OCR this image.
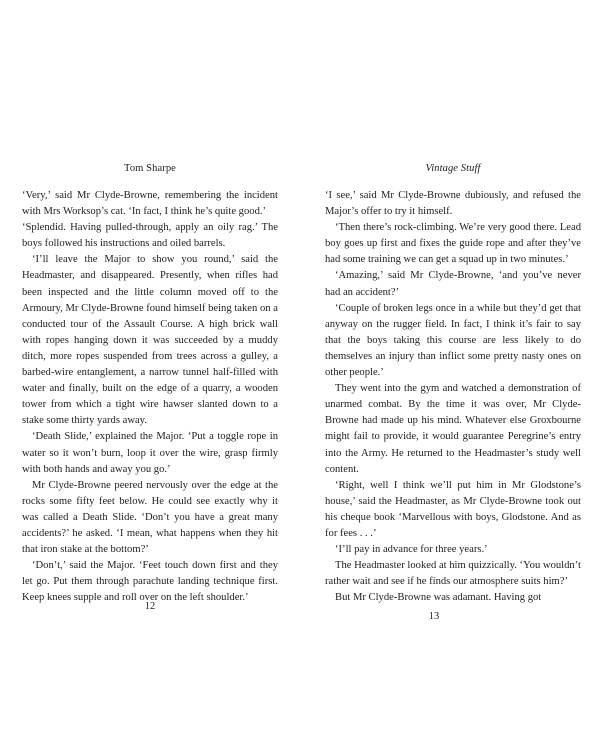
Tom Sharpe

‘Very,’ said Mr Clyde-Browne, remembering the incident with Mrs Worksop’s cat. ‘In fact, I think he’s quite good.’

‘Splendid. Having pulled-through, apply an oily rag.’ The boys followed his instructions and oiled barrels.

‘I’ll leave the Major to show you round,’ said the Headmaster, and disappeared. Presently, when rifles had been inspected and the little column moved off to the Armoury, Mr Clyde-Browne found himself being taken on a conducted tour of the Assault Course. A high brick wall with ropes hanging down it was succeeded by a muddy ditch, more ropes suspended from trees across a gulley, a barbed-wire entanglement, a narrow tunnel half-filled with water and finally, built on the edge of a quarry, a wooden tower from which a tight wire hawser slanted down to a stake some thirty yards away.

‘Death Slide,’ explained the Major. ‘Put a toggle rope in water so it won’t burn, loop it over the wire, grasp firmly with both hands and away you go.’

Mr Clyde-Browne peered nervously over the edge at the rocks some fifty feet below. He could see exactly why it was called a Death Slide. ‘Don’t you have a great many accidents?’ he asked. ‘I mean, what happens when they hit that iron stake at the bottom?’

‘Don’t,’ said the Major. ‘Feet touch down first and they let go. Put them through parachute landing technique first. Keep knees supple and roll over on the left shoulder.’

12
Vintage Stuff

‘I see,’ said Mr Clyde-Browne dubiously, and refused the Major’s offer to try it himself.

‘Then there’s rock-climbing. We’re very good there. Lead boy goes up first and fixes the guide rope and after they’ve had some training we can get a squad up in two minutes.’

‘Amazing,’ said Mr Clyde-Browne, ‘and you’ve never had an accident?’

‘Couple of broken legs once in a while but they’d get that anyway on the rugger field. In fact, I think it’s fair to say that the boys taking this course are less likely to do themselves an injury than inflict some pretty nasty ones on other people.’

They went into the gym and watched a demonstration of unarmed combat. By the time it was over, Mr Clyde-Browne had made up his mind. Whatever else Groxbourne might fail to provide, it would guarantee Peregrine’s entry into the Army. He returned to the Headmaster’s study well content.

‘Right, well I think we’ll put him in Mr Glodstone’s house,’ said the Headmaster, as Mr Clyde-Browne took out his cheque book ‘Marvellous with boys, Glodstone. And as for fees . . .’

‘I’ll pay in advance for three years.’

The Headmaster looked at him quizzically. ‘You wouldn’t rather wait and see if he finds our atmosphere suits him?’

But Mr Clyde-Browne was adamant. Having got

13
